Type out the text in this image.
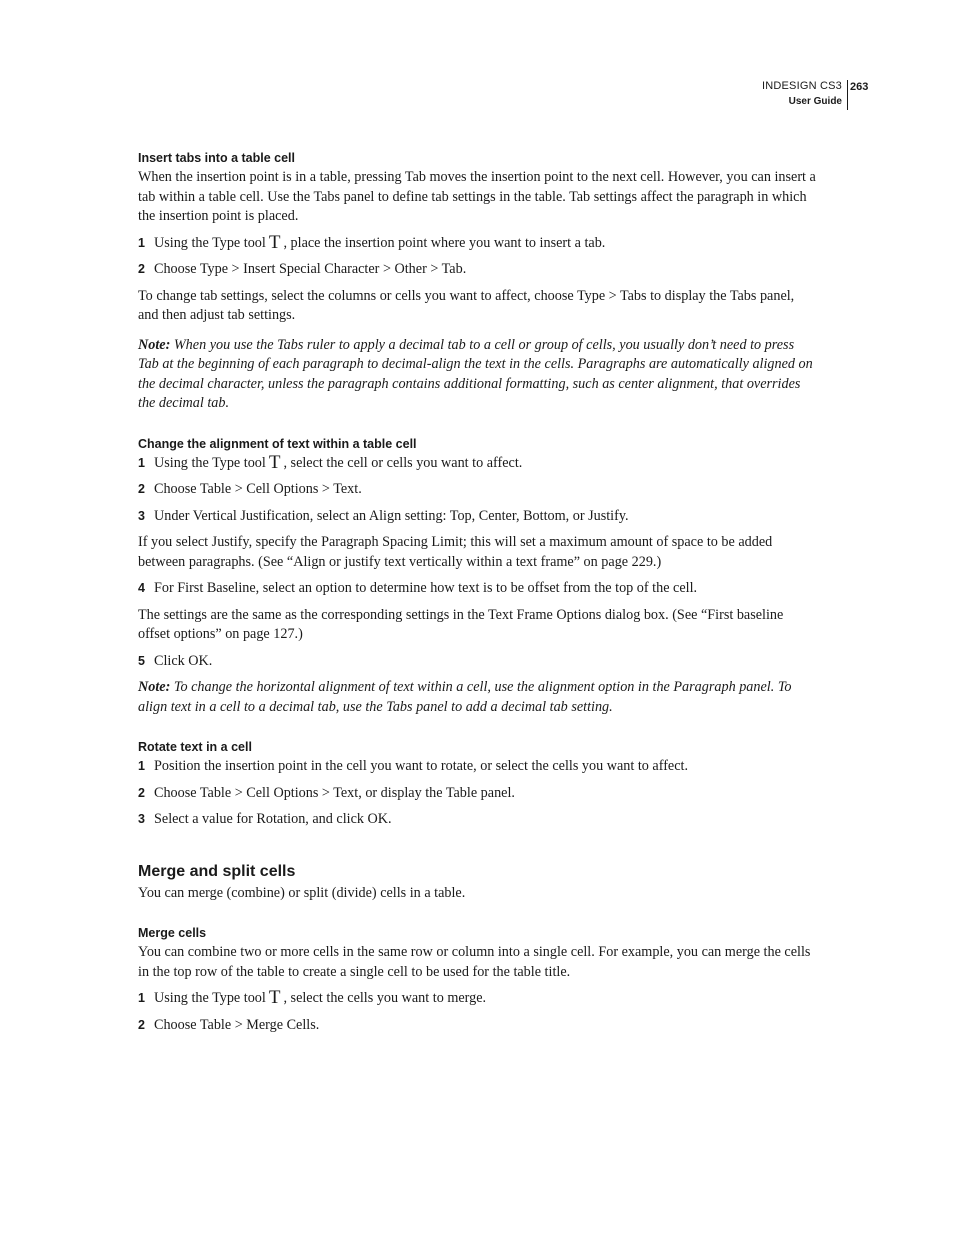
INDESIGN CS3
User Guide
263
Insert tabs into a table cell

When the insertion point is in a table, pressing Tab moves the insertion point to the next cell. However, you can insert a tab within a table cell. Use the Tabs panel to define tab settings in the table. Tab settings affect the paragraph in which the insertion point is placed.

1 Using the Type tool T , place the insertion point where you want to insert a tab.
2 Choose Type > Insert Special Character > Other > Tab.

To change tab settings, select the columns or cells you want to affect, choose Type > Tabs to display the Tabs panel, and then adjust tab settings.

Note: When you use the Tabs ruler to apply a decimal tab to a cell or group of cells, you usually don’t need to press Tab at the beginning of each paragraph to decimal-align the text in the cells. Paragraphs are automatically aligned on the decimal character, unless the paragraph contains additional formatting, such as center alignment, that overrides the decimal tab.

Change the alignment of text within a table cell
1 Using the Type tool T , select the cell or cells you want to affect.
2 Choose Table > Cell Options > Text.
3 Under Vertical Justification, select an Align setting: Top, Center, Bottom, or Justify.

If you select Justify, specify the Paragraph Spacing Limit; this will set a maximum amount of space to be added between paragraphs. (See “Align or justify text vertically within a text frame” on page 229.)

4 For First Baseline, select an option to determine how text is to be offset from the top of the cell.

The settings are the same as the corresponding settings in the Text Frame Options dialog box. (See “First baseline offset options” on page 127.)

5 Click OK.

Note: To change the horizontal alignment of text within a cell, use the alignment option in the Paragraph panel. To align text in a cell to a decimal tab, use the Tabs panel to add a decimal tab setting.

Rotate text in a cell
1 Position the insertion point in the cell you want to rotate, or select the cells you want to affect.
2 Choose Table > Cell Options > Text, or display the Table panel.
3 Select a value for Rotation, and click OK.
Merge and split cells

You can merge (combine) or split (divide) cells in a table.

Merge cells

You can combine two or more cells in the same row or column into a single cell. For example, you can merge the cells in the top row of the table to create a single cell to be used for the table title.

1 Using the Type tool T , select the cells you want to merge.
2 Choose Table > Merge Cells.
